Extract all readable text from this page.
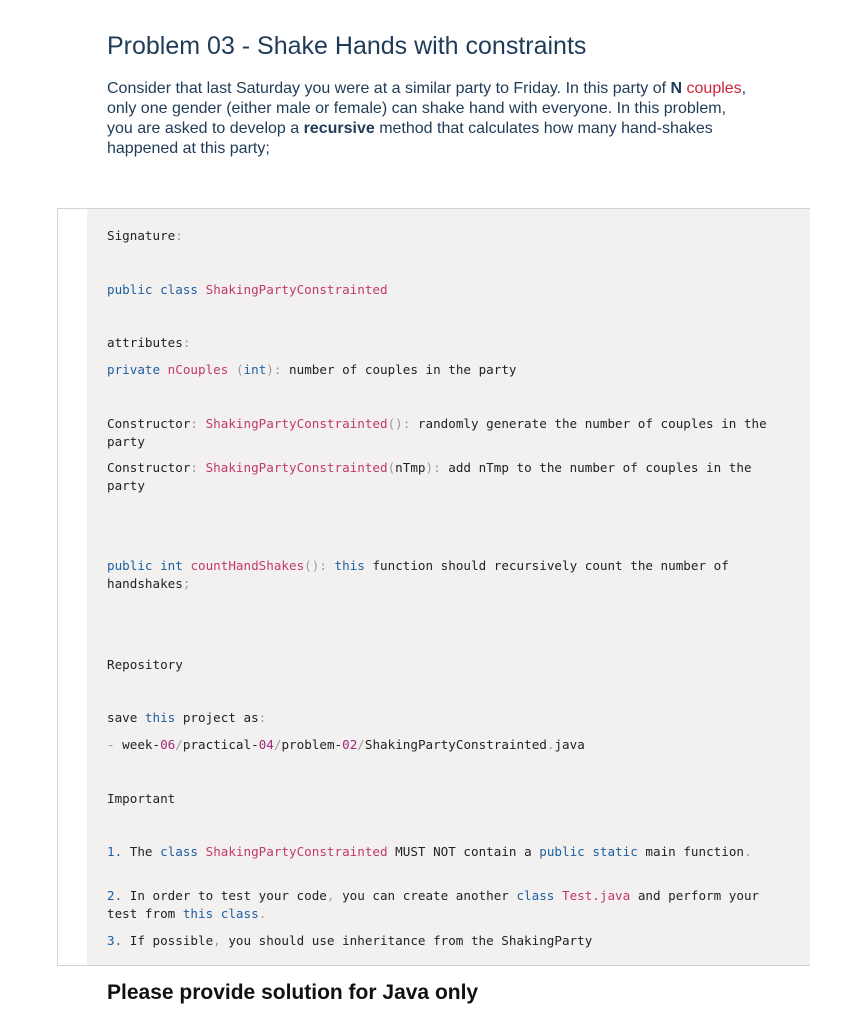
Problem 03 - Shake Hands with constraints

Consider that last Saturday you were at a similar party to Friday. In this party of N couples, only one gender (either male or female) can shake hand with everyone. In this problem, you are asked to develop a recursive method that calculates how many hand-shakes happened at this party;

Signature:

public class ShakingPartyConstrainted

attributes:

private nCouples (int): number of couples in the party

Constructor: ShakingPartyConstrainted(): randomly generate the number of couples in the party

Constructor: ShakingPartyConstrainted(nTmp): add nTmp to the number of couples in the party

public int countHandShakes(): this function should recursively count the number of handshakes;

Repository

save this project as:

- week-06/practical-04/problem-02/ShakingPartyConstrainted.java

Important

1. The class ShakingPartyConstrainted MUST NOT contain a public static main function.

2. In order to test your code, you can create another class Test.java and perform your test from this class.

3. If possible, you should use inheritance from the ShakingParty

Please provide solution for Java only
